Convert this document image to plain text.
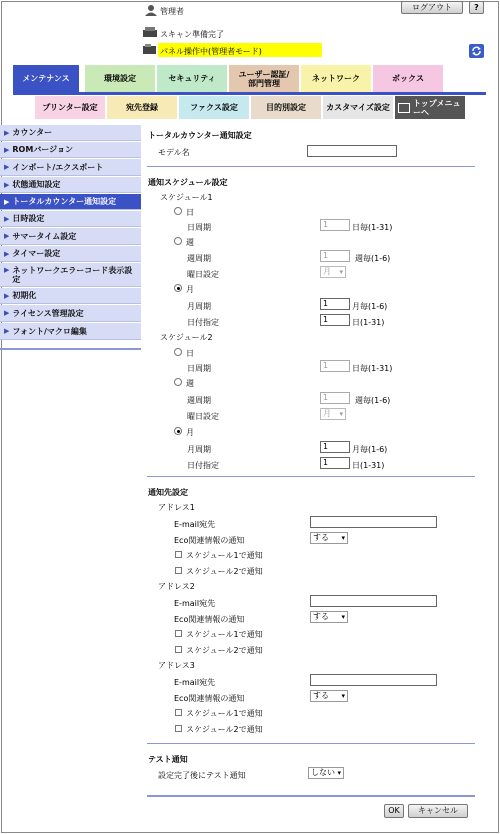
管理者	ログアウト	?
スキャン準備完了
パネル操作中(管理者モード)
メンテナンス	環境設定	セキュリティ	ユーザー認証/部門管理	ネットワーク	ボックス
プリンター設定	宛先登録	ファクス設定	目的別設定	カスタマイズ設定	トップメニューへ
▶ カウンター
▶ ROMバージョン
▶ インポート/エクスポート
▶ 状態通知設定
▶ トータルカウンター通知設定
▶ 日時設定
▶ サマータイム設定
▶ タイマー設定
▶ ネットワークエラーコード表示設定
▶ 初期化
▶ ライセンス管理設定
▶ フォント/マクロ編集
トータルカウンター通知設定
モデル名
通知スケジュール設定
スケジュール1
日
日周期	1	日毎(1-31)
週
週周期	1	週毎(1-6)
曜日設定	月 ▾
月
月周期	1	月毎(1-6)
日付指定	1	日(1-31)
スケジュール2
日
日周期	1	日毎(1-31)
週
週周期	1	週毎(1-6)
曜日設定	月 ▾
月
月周期	1	月毎(1-6)
日付指定	1	日(1-31)
通知先設定
アドレス1
E-mail宛先
Eco関連情報の通知	する ▾
スケジュール1で通知
スケジュール2で通知
アドレス2
E-mail宛先
Eco関連情報の通知	する ▾
スケジュール1で通知
スケジュール2で通知
アドレス3
E-mail宛先
Eco関連情報の通知	する ▾
スケジュール1で通知
スケジュール2で通知
テスト通知
設定完了後にテスト通知	しない ▾
OK	キャンセル
